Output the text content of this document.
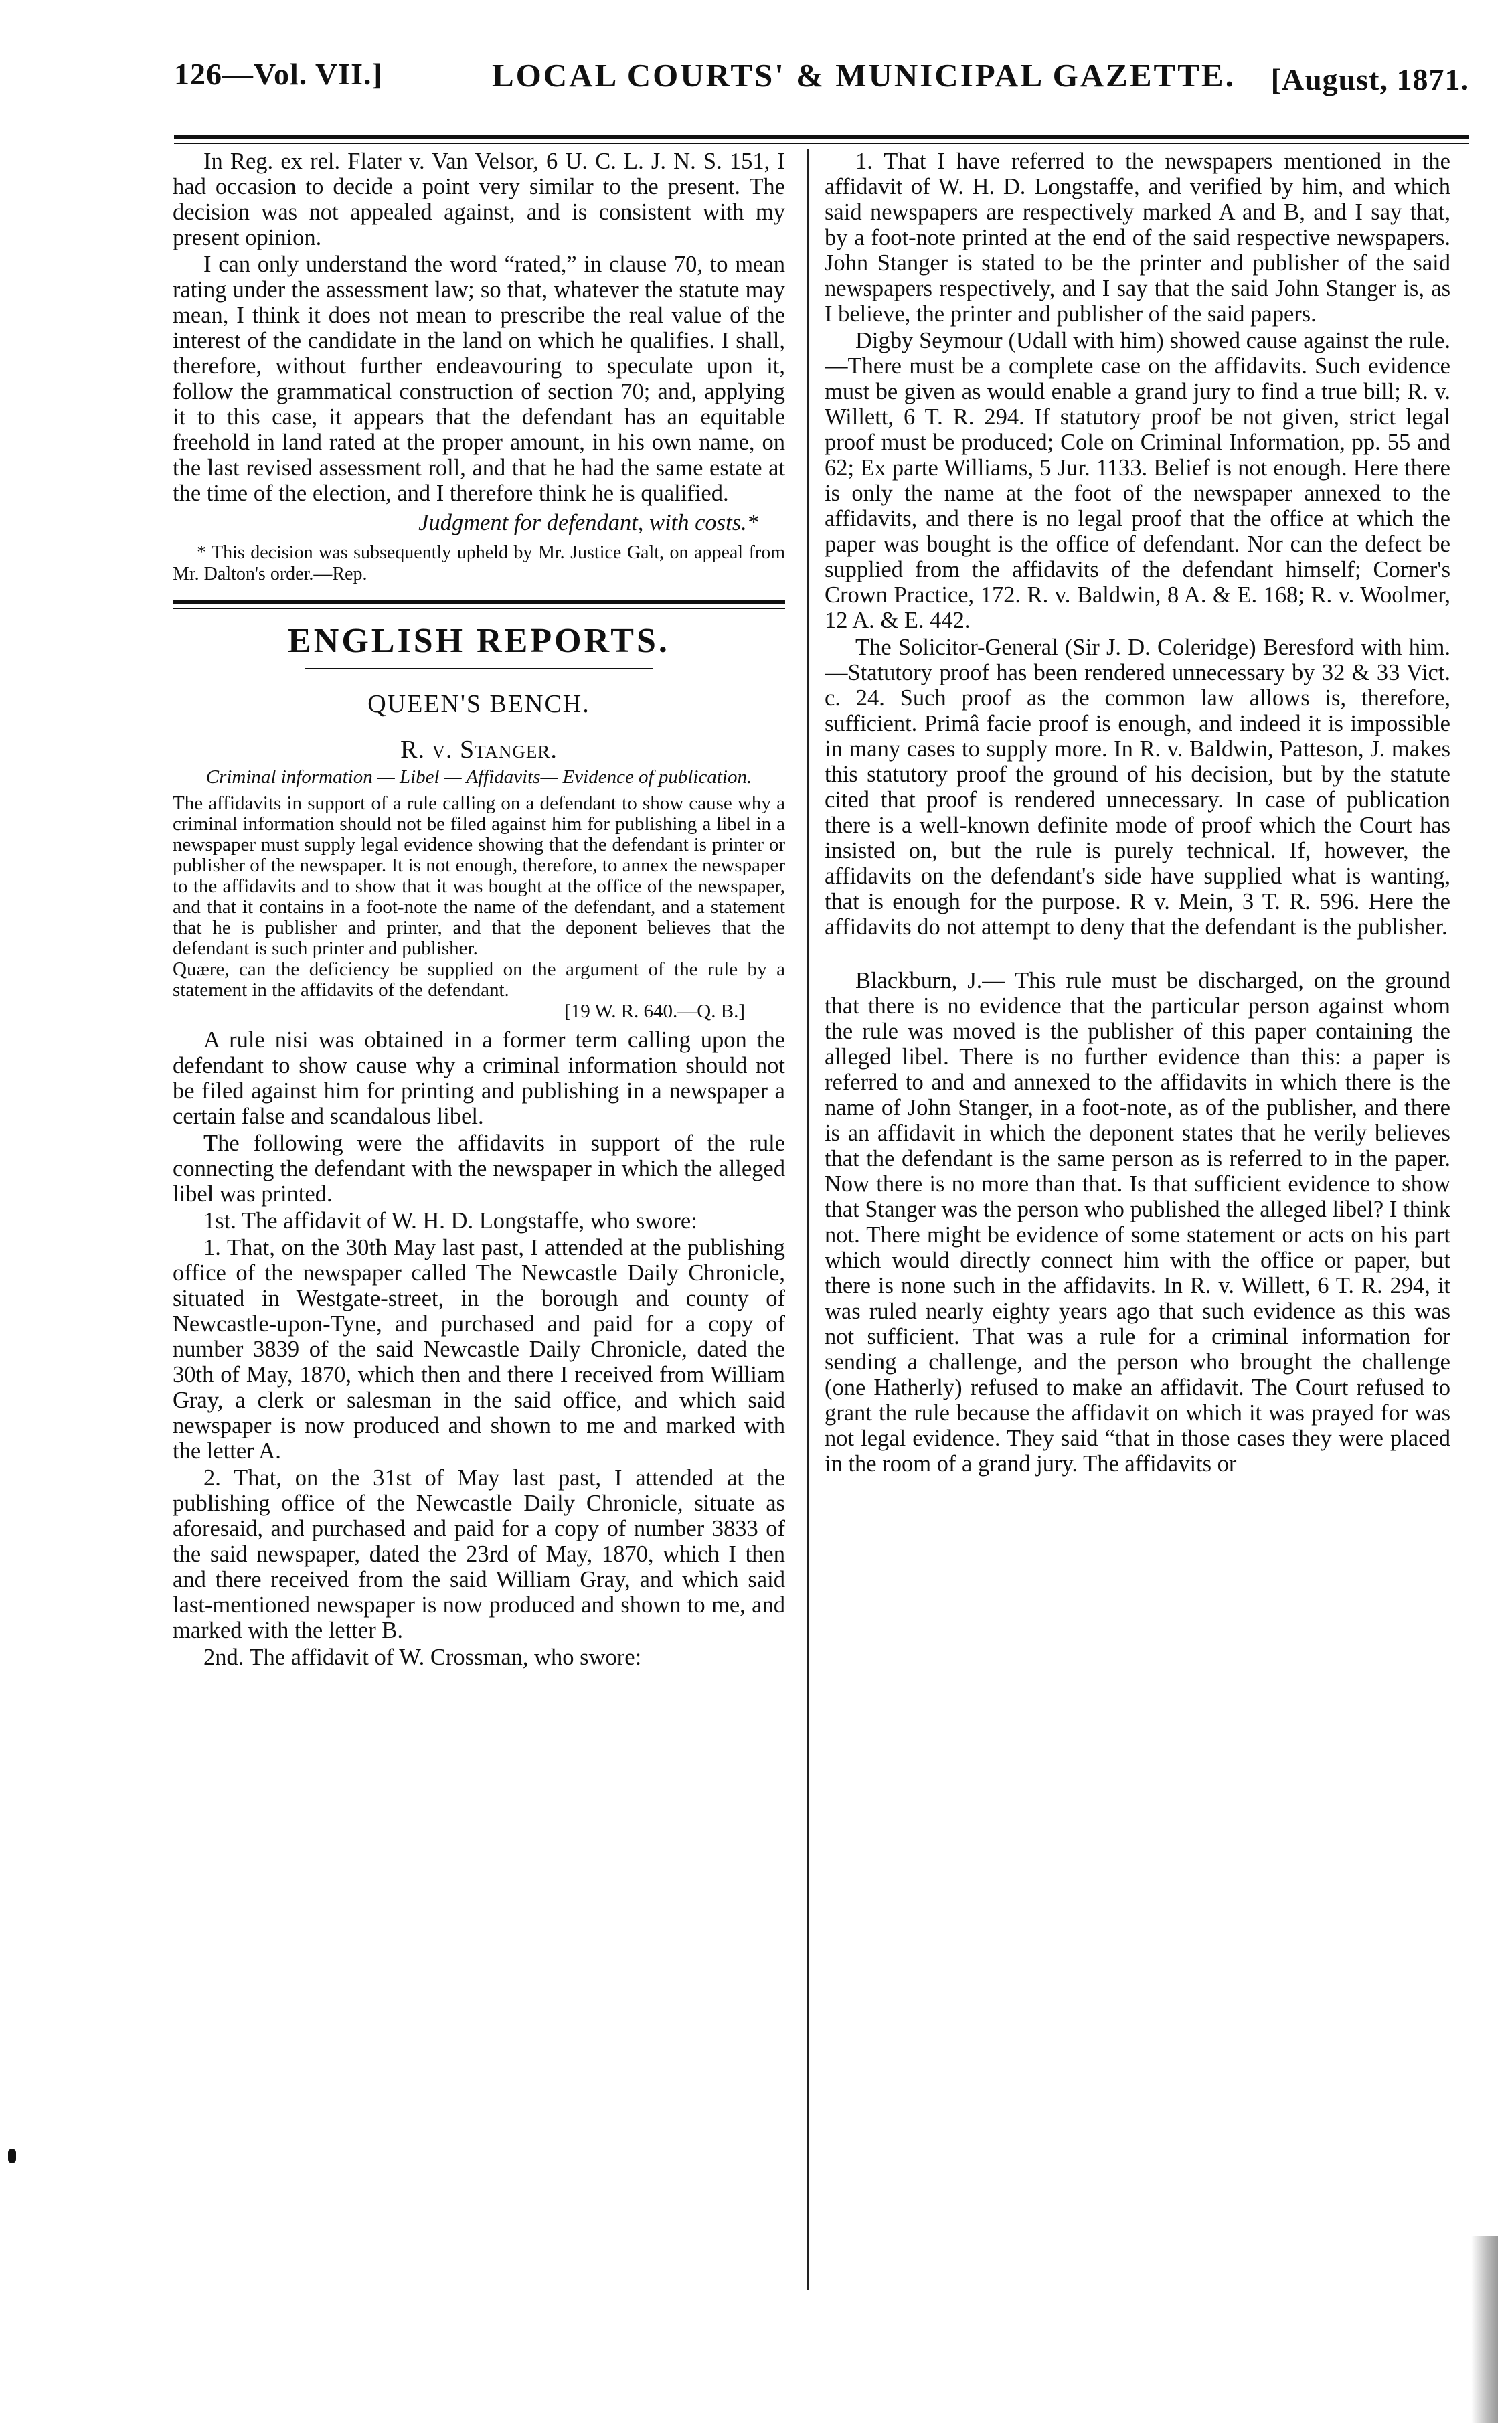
126—Vol. VII.]	LOCAL COURTS' & MUNICIPAL GAZETTE. [August, 1871.

In Reg. ex rel. Flater v. Van Velsor, 6 U. C. L. J. N. S. 151, I had occasion to decide a point very similar to the present. The decision was not appealed against, and is consistent with my present opinion.

I can only understand the word “rated,” in clause 70, to mean rating under the assessment law; so that, whatever the statute may mean, I think it does not mean to prescribe the real value of the interest of the candidate in the land on which he qualifies. I shall, therefore, without further endeavouring to speculate upon it, follow the grammatical construction of section 70; and, applying it to this case, it appears that the defendant has an equitable freehold in land rated at the proper amount, in his own name, on the last revised assessment roll, and that he had the same estate at the time of the election, and I therefore think he is qualified.

Judgment for defendant, with costs.*

* This decision was subsequently upheld by Mr. Justice Galt, on appeal from Mr. Dalton's order.—Rep.

ENGLISH REPORTS.
QUEEN'S BENCH.
R. v. Stanger.
Criminal information — Libel — Affidavits— Evidence of publication.

The affidavits in support of a rule calling on a defendant to show cause why a criminal information should not be filed against him for publishing a libel in a newspaper must supply legal evidence showing that the defendant is printer or publisher of the newspaper. It is not enough, therefore, to annex the newspaper to the affidavits and to show that it was bought at the office of the newspaper, and that it contains in a foot-note the name of the defendant, and a statement that he is publisher and printer, and that the deponent believes that the defendant is such printer and publisher.

Quære, can the deficiency be supplied on the argument of the rule by a statement in the affidavits of the defendant.

[19 W. R. 640.—Q. B.]

A rule nisi was obtained in a former term calling upon the defendant to show cause why a criminal information should not be filed against him for printing and publishing in a newspaper a certain false and scandalous libel.

The following were the affidavits in support of the rule connecting the defendant with the newspaper in which the alleged libel was printed.

1st. The affidavit of W. H. D. Longstaffe, who swore:

1. That, on the 30th May last past, I attended at the publishing office of the newspaper called The Newcastle Daily Chronicle, situated in Westgate-street, in the borough and county of Newcastle-upon-Tyne, and purchased and paid for a copy of number 3839 of the said Newcastle Daily Chronicle, dated the 30th of May, 1870, which then and there I received from William Gray, a clerk or salesman in the said office, and which said newspaper is now produced and shown to me and marked with the letter A.

2. That, on the 31st of May last past, I attended at the publishing office of the Newcastle Daily Chronicle, situate as aforesaid, and purchased and paid for a copy of number 3833 of the said newspaper, dated the 23rd of May, 1870, which I then and there received from the said William Gray, and which said last-mentioned newspaper is now produced and shown to me, and marked with the letter B.

2nd. The affidavit of W. Crossman, who swore:

1. That I have referred to the newspapers mentioned in the affidavit of W. H. D. Longstaffe, and verified by him, and which said newspapers are respectively marked A and B, and I say that, by a foot-note printed at the end of the said respective newspapers. John Stanger is stated to be the printer and publisher of the said newspapers respectively, and I say that the said John Stanger is, as I believe, the printer and publisher of the said papers.

Digby Seymour (Udall with him) showed cause against the rule.—There must be a complete case on the affidavits. Such evidence must be given as would enable a grand jury to find a true bill; R. v. Willett, 6 T. R. 294. If statutory proof be not given, strict legal proof must be produced; Cole on Criminal Information, pp. 55 and 62; Ex parte Williams, 5 Jur. 1133. Belief is not enough. Here there is only the name at the foot of the newspaper annexed to the affidavits, and there is no legal proof that the office at which the paper was bought is the office of defendant. Nor can the defect be supplied from the affidavits of the defendant himself; Corner's Crown Practice, 172. R. v. Baldwin, 8 A. & E. 168; R. v. Woolmer, 12 A. & E. 442.

The Solicitor-General (Sir J. D. Coleridge) Beresford with him.—Statutory proof has been rendered unnecessary by 32 & 33 Vict. c. 24. Such proof as the common law allows is, therefore, sufficient. Primâ facie proof is enough, and indeed it is impossible in many cases to supply more. In R. v. Baldwin, Patteson, J. makes this statutory proof the ground of his decision, but by the statute cited that proof is rendered unnecessary. In case of publication there is a well-known definite mode of proof which the Court has insisted on, but the rule is purely technical. If, however, the affidavits on the defendant's side have supplied what is wanting, that is enough for the purpose. R v. Mein, 3 T. R. 596. Here the affidavits do not attempt to deny that the defendant is the publisher.

Blackburn, J.— This rule must be discharged, on the ground that there is no evidence that the particular person against whom the rule was moved is the publisher of this paper containing the alleged libel. There is no further evidence than this: a paper is referred to and and annexed to the affidavits in which there is the name of John Stanger, in a foot-note, as of the publisher, and there is an affidavit in which the deponent states that he verily believes that the defendant is the same person as is referred to in the paper. Now there is no more than that. Is that sufficient evidence to show that Stanger was the person who published the alleged libel? I think not. There might be evidence of some statement or acts on his part which would directly connect him with the office or paper, but there is none such in the affidavits. In R. v. Willett, 6 T. R. 294, it was ruled nearly eighty years ago that such evidence as this was not sufficient. That was a rule for a criminal information for sending a challenge, and the person who brought the challenge (one Hatherly) refused to make an affidavit. The Court refused to grant the rule because the affidavit on which it was prayed for was not legal evidence. They said “that in those cases they were placed in the room of a grand jury. The affidavits or
